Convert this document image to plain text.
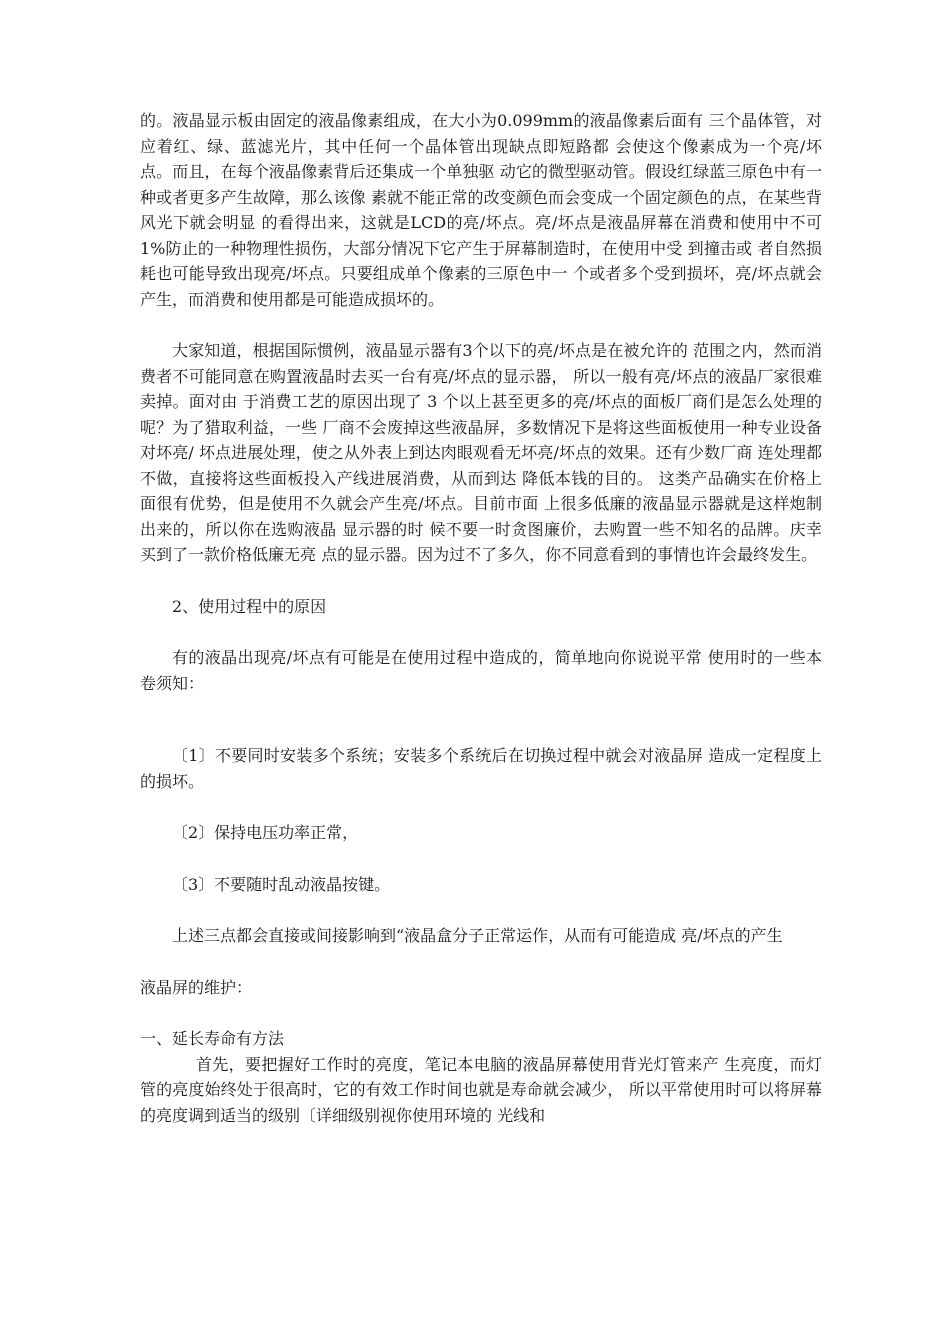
的。液晶显示板由固定的液晶像素组成，在大小为0.099mm的液晶像素后面有 三个晶体管，对应着红、绿、蓝滤光片，其中任何一个晶体管出现缺点即短路都 会使这个像素成为一个亮/坏点。而且，在每个液晶像素背后还集成一个单独驱 动它的微型驱动管。假设红绿蓝三原色中有一种或者更多产生故障，那么该像 素就不能正常的改变颜色而会变成一个固定颜色的点，在某些背风光下就会明显 的看得出来，这就是LCD的亮/坏点。亮/坏点是液晶屏幕在消费和使用中不可 1%防止的一种物理性损伤，大部分情况下它产生于屏幕制造时，在使用中受 到撞击或 者自然损耗也可能导致出现亮/坏点。只要组成单个像素的三原色中一 个或者多个受到损坏，亮/坏点就会产生，而消费和使用都是可能造成损坏的。

大家知道，根据国际惯例，液晶显示器有3个以下的亮/坏点是在被允许的 范围之内，然而消费者不可能同意在购置液晶时去买一台有亮/坏点的显示器， 所以一般有亮/坏点的液晶厂家很难卖掉。面对由 于消费工艺的原因出现了 3 个以上甚至更多的亮/坏点的面板厂商们是怎么处理的呢？为了猎取利益，一些 厂商不会废掉这些液晶屏，多数情况下是将这些面板使用一种专业设备对坏亮/ 坏点进展处理，使之从外表上到达肉眼观看无坏亮/坏点的效果。还有少数厂商 连处理都不做，直接将这些面板投入产线进展消费，从而到达 降低本钱的目的。 这类产品确实在价格上面很有优势，但是使用不久就会产生亮/坏点。目前市面 上很多低廉的液晶显示器就是这样炮制出来的，所以你在选购液晶 显示器的时 候不要一时贪图廉价，去购置一些不知名的品牌。庆幸买到了一款价格低廉无亮 点的显示器。因为过不了多久，你不同意看到的事情也许会最终发生。

2、使用过程中的原因

有的液晶出现亮/坏点有可能是在使用过程中造成的，简单地向你说说平常 使用时的一些本卷须知：

〔1〕不要同时安装多个系统；安装多个系统后在切换过程中就会对液晶屏 造成一定程度上的损坏。

〔2〕保持电压功率正常，

〔3〕不要随时乱动液晶按键。

上述三点都会直接或间接影响到“液晶盒分子正常运作，从而有可能造成 亮/坏点的产生

液晶屏的维护：

一、延长寿命有方法

首先，要把握好工作时的亮度，笔记本电脑的液晶屏幕使用背光灯管来产 生亮度，而灯管的亮度始终处于很高时，它的有效工作时间也就是寿命就会减少， 所以平常使用时可以将屏幕的亮度调到适当的级别〔详细级别视你使用环境的 光线和
